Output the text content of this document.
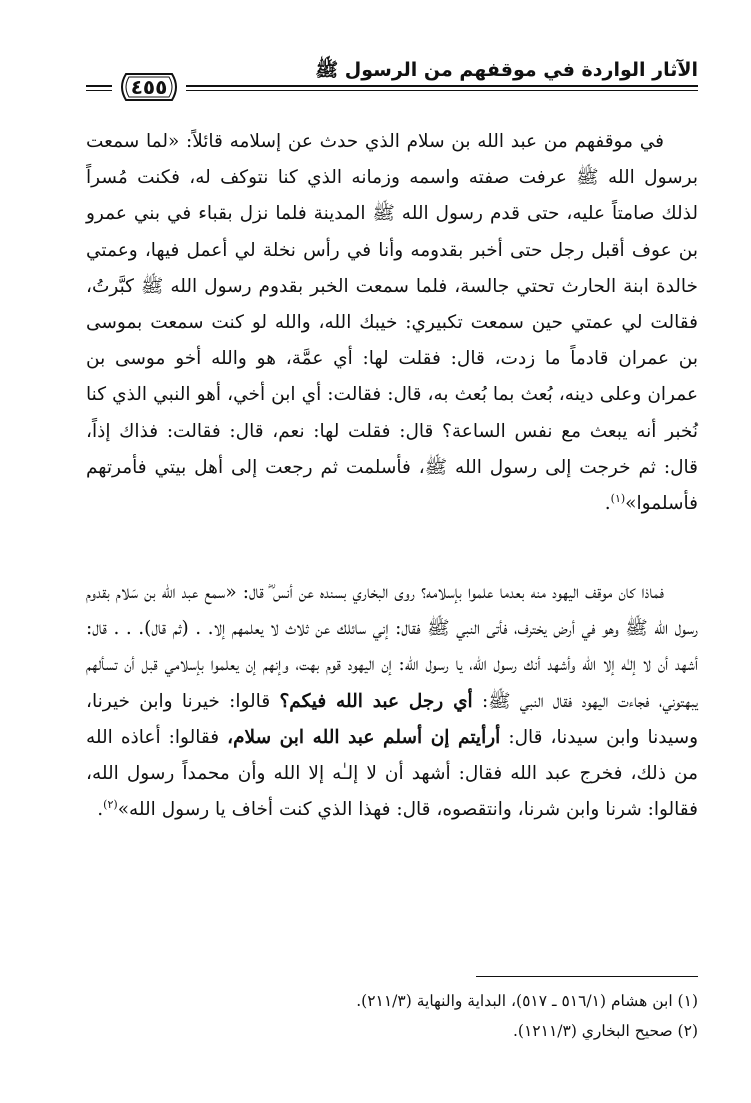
الآثار الواردة في موقفهم من الرسول ﷺ
٤٥٥

في موقفهم من عبد الله بن سلام الذي حدث عن إسلامه قائلاً: «لما سمعت برسول الله ﷺ عرفت صفته واسمه وزمانه الذي كنا نتوكف له، فكنت مُسراً لذلك صامتاً عليه، حتى قدم رسول الله ﷺ المدينة فلما نزل بقباء في بني عمرو بن عوف أقبل رجل حتى أخبر بقدومه وأنا في رأس نخلة لي أعمل فيها، وعمتي خالدة ابنة الحارث تحتي جالسة، فلما سمعت الخبر بقدوم رسول الله ﷺ كبَّرتُ، فقالت لي عمتي حين سمعت تكبيري: خيبك الله، والله لو كنت سمعت بموسى بن عمران قادماً ما زدت، قال: فقلت لها: أي عمَّة، هو والله أخو موسى بن عمران وعلى دينه، بُعث بما بُعث به، قال: فقالت: أي ابن أخي، أهو النبي الذي كنا نُخبر أنه يبعث مع نفس الساعة؟ قال: فقلت لها: نعم، قال: فقالت: فذاك إذاً، قال: ثم خرجت إلى رسول الله ﷺ، فأسلمت ثم رجعت إلى أهل بيتي فأمرتهم فأسلموا»$^{(١)}$.

فماذا كان موقف اليهود منه بعدما علموا بإسلامه؟ روى البخاري بسنده عن أنس ؓ قال: «سمع عبد الله بن سَلام بقدوم رسول الله ﷺ وهو في أرض يخترف، فأتى النبي ﷺ فقال: إني سائلك عن ثلاث لا يعلمهم إلا. . (ثم قال). . . قال: أشهد أن لا إلـٰه إلا الله وأشهد أنك رسول الله، يا رسول الله: إن اليهود قوم بهت، وإنهم إن يعلموا بإسلامي قبل أن تسألهم يبهتوني، فجاءت اليهود فقال النبي ﷺ: أي رجل عبد الله فيكم؟ قالوا: خيرنا وابن خيرنا، وسيدنا وابن سيدنا، قال: أرأيتم إن أسلم عبد الله ابن سلام، فقالوا: أعاذه الله من ذلك، فخرج عبد الله فقال: أشهد أن لا إلـٰه إلا الله وأن محمداً رسول الله، فقالوا: شرنا وابن شرنا، وانتقصوه، قال: فهذا الذي كنت أخاف يا رسول الله»$^{(٢)}$.

(١) ابن هشام (٥١٦/١ ـ ٥١٧)، البداية والنهاية (٢١١/٣).
(٢) صحيح البخاري (١٢١١/٣).
